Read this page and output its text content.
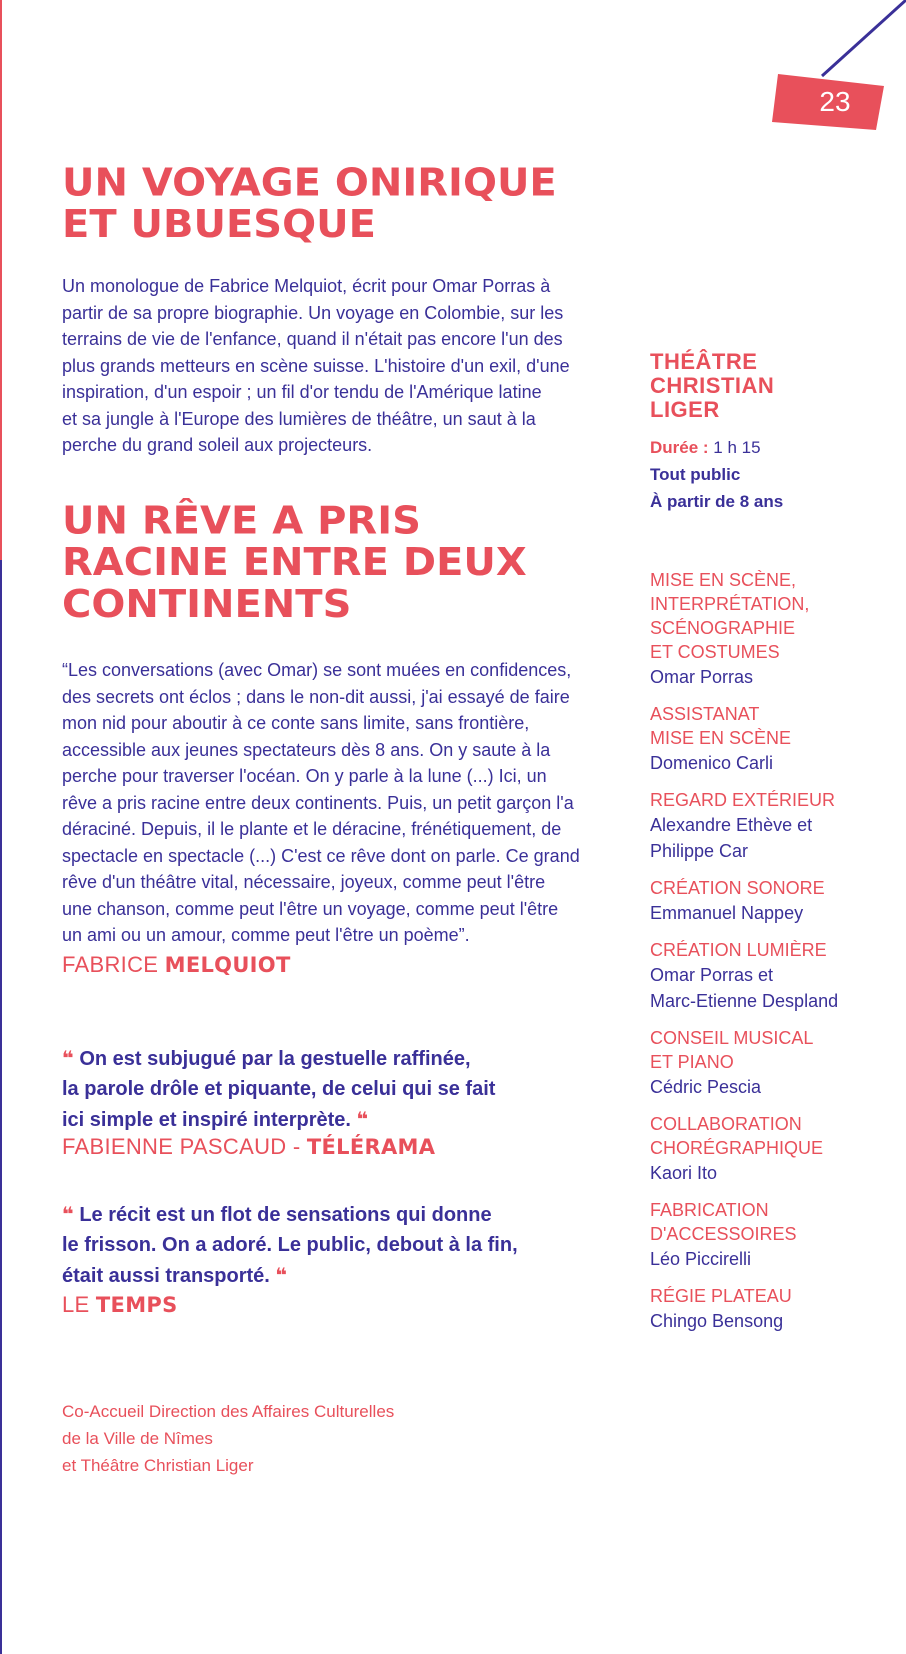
23
UN VOYAGE ONIRIQUE
ET UBUESQUE
Un monologue de Fabrice Melquiot, écrit pour Omar Porras à
partir de sa propre biographie. Un voyage en Colombie, sur les
terrains de vie de l'enfance, quand il n'était pas encore l'un des
plus grands metteurs en scène suisse. L'histoire d'un exil, d'une
inspiration, d'un espoir ; un fil d'or tendu de l'Amérique latine
et sa jungle à l'Europe des lumières de théâtre, un saut à la
perche du grand soleil aux projecteurs.
UN RÊVE A PRIS
RACINE ENTRE DEUX
CONTINENTS
“Les conversations (avec Omar) se sont muées en confidences,
des secrets ont éclos ; dans le non-dit aussi, j'ai essayé de faire
mon nid pour aboutir à ce conte sans limite, sans frontière,
accessible aux jeunes spectateurs dès 8 ans. On y saute à la
perche pour traverser l'océan. On y parle à la lune (...) Ici, un
rêve a pris racine entre deux continents. Puis, un petit garçon l'a
déraciné. Depuis, il le plante et le déracine, frénétiquement, de
spectacle en spectacle (...) C'est ce rêve dont on parle. Ce grand
rêve d'un théâtre vital, nécessaire, joyeux, comme peut l'être
une chanson, comme peut l'être un voyage, comme peut l'être
un ami ou un amour, comme peut l'être un poème”.
FABRICE MELQUIOT
❝ On est subjugué par la gestuelle raffinée,
la parole drôle et piquante, de celui qui se fait
ici simple et inspiré interprète. ❝
FABIENNE PASCAUD - TÉLÉRAMA
❝ Le récit est un flot de sensations qui donne
le frisson. On a adoré. Le public, debout à la fin,
était aussi transporté. ❝
LE TEMPS
Co-Accueil Direction des Affaires Culturelles
de la Ville de Nîmes
et Théâtre Christian Liger
THÉÂTRE
CHRISTIAN
LIGER
Durée : 1 h 15
Tout public
À partir de 8 ans
MISE EN SCÈNE,
INTERPRÉTATION,
SCÉNOGRAPHIE
ET COSTUMES
Omar Porras
ASSISTANAT
MISE EN SCÈNE
Domenico Carli
REGARD EXTÉRIEUR
Alexandre Ethève et
Philippe Car
CRÉATION SONORE
Emmanuel Nappey
CRÉATION LUMIÈRE
Omar Porras et
Marc-Etienne Despland
CONSEIL MUSICAL
ET PIANO
Cédric Pescia
COLLABORATION
CHORÉGRAPHIQUE
Kaori Ito
FABRICATION
D'ACCESSOIRES
Léo Piccirelli
RÉGIE PLATEAU
Chingo Bensong
